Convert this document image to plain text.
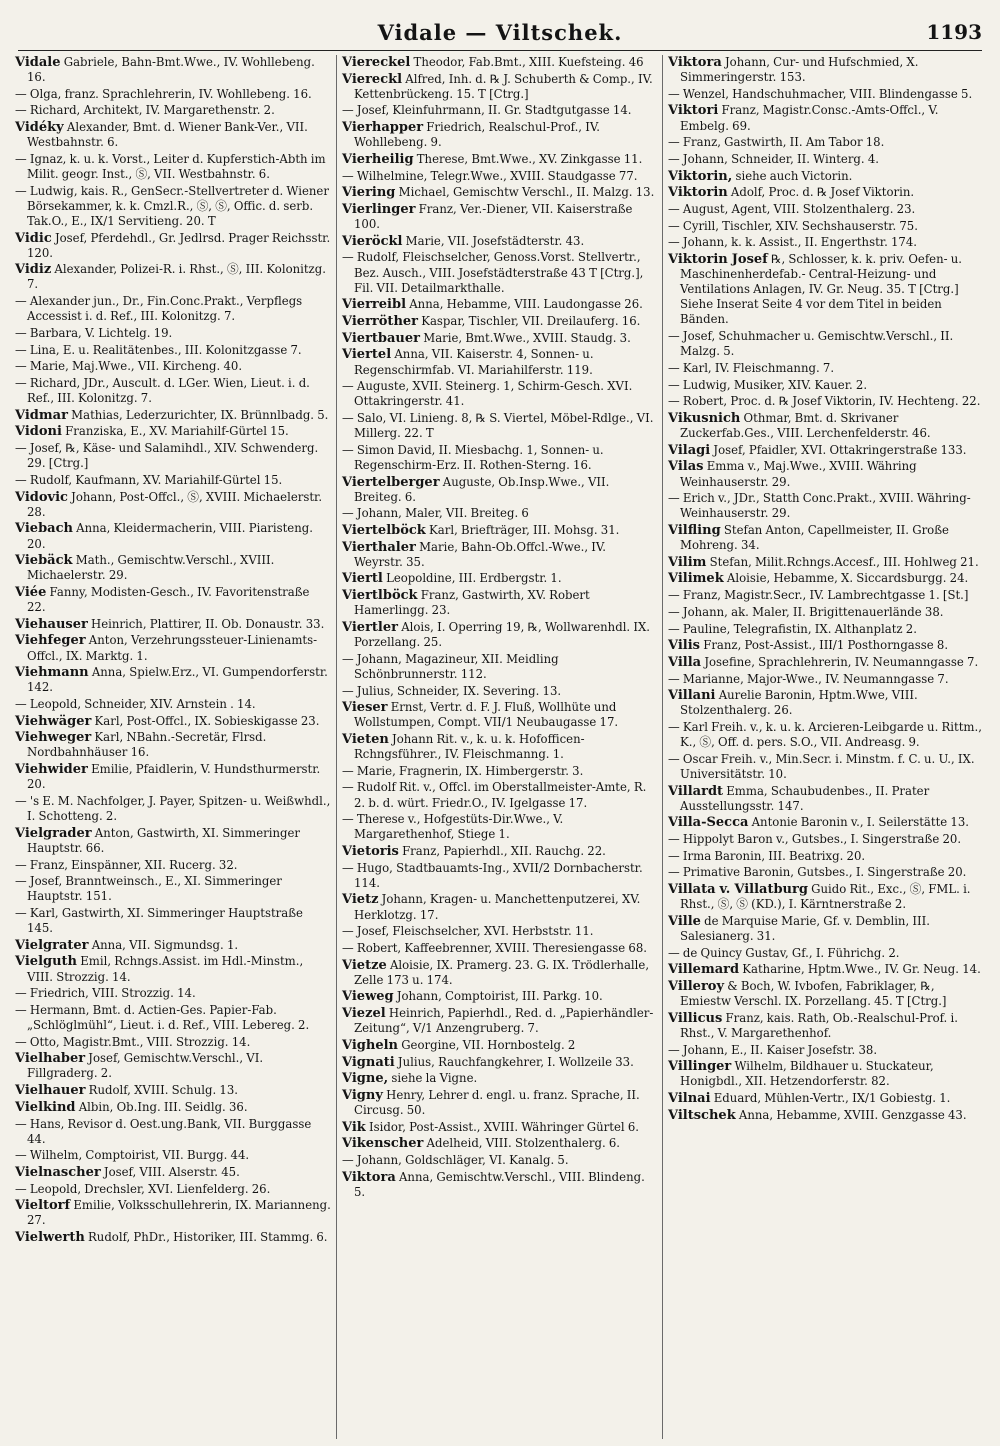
Vidale — Viltschek.	1193
Vidale Gabriele, Bahn-Bmt.Wwe., IV. Wohllebeng. 16.
— Olga, franz. Sprachlehrerin, IV. Wohllebeng. 16.
— Richard, Architekt, IV. Margarethenstr. 2.
Vidéky Alexander, Bmt. d. Wiener Bank-Ver., VII. Westbahnstr. 6.
— Ignaz, k. u. k. Vorst., Leiter d. Kupferstich-Abth im Milit. geogr. Inst., Ⓢ, VII. Westbahnstr. 6.
— Ludwig, kais. R., GenSecr.-Stellvertreter d. Wiener Börsekammer, k. k. Cmzl.R., Ⓢ, Ⓢ, Offic. d. serb. Tak.O., E., IX/1 Servitieng. 20. T
Vidic Josef, Pferdehdl., Gr. Jedlrsd. Prager Reichsstr. 120.
Vidiz Alexander, Polizei-R. i. Rhst., Ⓢ, III. Kolonitzg. 7.
— Alexander jun., Dr., Fin.Conc.Prakt., Verpflegs Accessist i. d. Ref., III. Kolonitzg. 7.
— Barbara, V. Lichtelg. 19.
— Lina, E. u. Realitätenbes., III. Kolonitzgasse 7.
— Marie, Maj.Wwe., VII. Kircheng. 40.
— Richard, JDr., Auscult. d. LGer. Wien, Lieut. i. d. Ref., III. Kolonitzg. 7.
Vidmar Mathias, Lederzurichter, IX. Brünnlbadg. 5.
Vidoni Franziska, E., XV. Mariahilf-Gürtel 15.
— Josef, ℞, Käse- und Salamihdl., XIV. Schwenderg. 29. [Ctrg.]
— Rudolf, Kaufmann, XV. Mariahilf-Gürtel 15.
Vidovic Johann, Post-Offcl., Ⓢ, XVIII. Michaelerstr. 28.
Viebach Anna, Kleidermacherin, VIII. Piaristeng. 20.
Viebäck Math., Gemischtw.Verschl., XVIII. Michaelerstr. 29.
Viée Fanny, Modisten-Gesch., IV. Favoritenstraße 22.
Viehauser Heinrich, Plattirer, II. Ob. Donaustr. 33.
Viehfeger Anton, Verzehrungssteuer-Linienamts-Offcl., IX. Marktg. 1.
Viehmann Anna, Spielw.Erz., VI. Gumpendorferstr. 142.
— Leopold, Schneider, XIV. Arnstein . 14.
Viehwäger Karl, Post-Offcl., IX. Sobieskigasse 23.
Viehweger Karl, NBahn.-Secretär, Flrsd. Nordbahnhäuser 16.
Viehwider Emilie, Pfaidlerin, V. Hundsthurmerstr. 20.
— 's E. M. Nachfolger, J. Payer, Spitzen- u. Weißwhdl., I. Schotteng. 2.
Vielgrader Anton, Gastwirth, XI. Simmeringer Hauptstr. 66.
— Franz, Einspänner, XII. Rucerg. 32.
— Josef, Branntweinsch., E., XI. Simmeringer Hauptstr. 151.
— Karl, Gastwirth, XI. Simmeringer Hauptstraße 145.
Vielgrater Anna, VII. Sigmundsg. 1.
Vielguth Emil, Rchngs.Assist. im Hdl.-Minstm., VIII. Strozzig. 14.
— Friedrich, VIII. Strozzig. 14.
— Hermann, Bmt. d. Actien-Ges. Papier-Fab. „Schlöglmühl“, Lieut. i. d. Ref., VIII. Lebereg. 2.
— Otto, Magistr.Bmt., VIII. Strozzig. 14.
Vielhaber Josef, Gemischtw.Verschl., VI. Fillgraderg. 2.
Vielhauer Rudolf, XVIII. Schulg. 13.
Vielkind Albin, Ob.Ing. III. Seidlg. 36.
— Hans, Revisor d. Oest.ung.Bank, VII. Burggasse 44.
— Wilhelm, Comptoirist, VII. Burgg. 44.
Vielnascher Josef, VIII. Alserstr. 45.
— Leopold, Drechsler, XVI. Lienfelderg. 26.
Vieltorf Emilie, Volksschullehrerin, IX. Marianneng. 27.
Vielwerth Rudolf, PhDr., Historiker, III. Stammg. 6.
Viereckel Theodor, Fab.Bmt., XIII. Kuefsteing. 46
Viereckl Alfred, Inh. d. ℞ J. Schuberth & Comp., IV. Kettenbrückeng. 15. T [Ctrg.]
— Josef, Kleinfuhrmann, II. Gr. Stadtgutgasse 14.
Vierhapper Friedrich, Realschul-Prof., IV. Wohllebeng. 9.
Vierheilig Therese, Bmt.Wwe., XV. Zinkgasse 11.
— Wilhelmine, Telegr.Wwe., XVIII. Staudgasse 77.
Viering Michael, Gemischtw Verschl., II. Malzg. 13.
Vierlinger Franz, Ver.-Diener, VII. Kaiserstraße 100.
Vieröckl Marie, VII. Josefstädterstr. 43.
— Rudolf, Fleischselcher, Genoss.Vorst. Stellvertr., Bez. Ausch., VIII. Josefstädterstraße 43 T [Ctrg.], Fil. VII. Detailmarkthalle.
Vierreibl Anna, Hebamme, VIII. Laudongasse 26.
Vierröther Kaspar, Tischler, VII. Dreilauferg. 16.
Viertbauer Marie, Bmt.Wwe., XVIII. Staudg. 3.
Viertel Anna, VII. Kaiserstr. 4, Sonnen- u. Regenschirmfab. VI. Mariahilferstr. 119.
— Auguste, XVII. Steinerg. 1, Schirm-Gesch. XVI. Ottakringerstr. 41.
— Salo, VI. Linieng. 8, ℞ S. Viertel, Möbel-Rdlge., VI. Millerg. 22. T
— Simon David, II. Miesbachg. 1, Sonnen- u. Regenschirm-Erz. II. Rothen-Sterng. 16.
Viertelberger Auguste, Ob.Insp.Wwe., VII. Breiteg. 6.
— Johann, Maler, VII. Breiteg. 6
Viertelböck Karl, Briefträger, III. Mohsg. 31.
Vierthaler Marie, Bahn-Ob.Offcl.-Wwe., IV. Weyrstr. 35.
Viertl Leopoldine, III. Erdbergstr. 1.
Viertlböck Franz, Gastwirth, XV. Robert Hamerlingg. 23.
Viertler Alois, I. Operring 19, ℞, Wollwarenhdl. IX. Porzellang. 25.
— Johann, Magazineur, XII. Meidling Schönbrunnerstr. 112.
— Julius, Schneider, IX. Severing. 13.
Vieser Ernst, Vertr. d. F. J. Fluß, Wollhüte und Wollstumpen, Compt. VII/1 Neubaugasse 17.
Vieten Johann Rit. v., k. u. k. Hofofficen-Rchngsführer., IV. Fleischmanng. 1.
— Marie, Fragnerin, IX. Himbergerstr. 3.
— Rudolf Rit. v., Offcl. im Oberstallmeister-Amte, R. 2. b. d. würt. Friedr.O., IV. Igelgasse 17.
— Therese v., Hofgestüts-Dir.Wwe., V. Margarethenhof, Stiege 1.
Vietoris Franz, Papierhdl., XII. Rauchg. 22.
— Hugo, Stadtbauamts-Ing., XVII/2 Dornbacherstr. 114.
Vietz Johann, Kragen- u. Manchettenputzerei, XV. Herklotzg. 17.
— Josef, Fleischselcher, XVI. Herbststr. 11.
— Robert, Kaffeebrenner, XVIII. Theresiengasse 68.
Vietze Aloisie, IX. Pramerg. 23. G. IX. Trödlerhalle, Zelle 173 u. 174.
Vieweg Johann, Comptoirist, III. Parkg. 10.
Viezel Heinrich, Papierhdl., Red. d. „Papierhändler-Zeitung“, V/1 Anzengruberg. 7.
Vigheln Georgine, VII. Hornbostelg. 2
Vignati Julius, Rauchfangkehrer, I. Wollzeile 33.
Vigne, siehe la Vigne.
Vigny Henry, Lehrer d. engl. u. franz. Sprache, II. Circusg. 50.
Vik Isidor, Post-Assist., XVIII. Währinger Gürtel 6.
Vikenscher Adelheid, VIII. Stolzenthalerg. 6.
— Johann, Goldschläger, VI. Kanalg. 5.
Viktora Anna, Gemischtw.Verschl., VIII. Blindeng. 5.
Viktora Johann, Cur- und Hufschmied, X. Simmeringerstr. 153.
— Wenzel, Handschuhmacher, VIII. Blindengasse 5.
Viktori Franz, Magistr.Consc.-Amts-Offcl., V. Embelg. 69.
— Franz, Gastwirth, II. Am Tabor 18.
— Johann, Schneider, II. Winterg. 4.
Viktorin, siehe auch Victorin.
Viktorin Adolf, Proc. d. ℞ Josef Viktorin.
— August, Agent, VIII. Stolzenthalerg. 23.
— Cyrill, Tischler, XIV. Sechshauserstr. 75.
— Johann, k. k. Assist., II. Engerthstr. 174.
Viktorin Josef ℞, Schlosser, k. k. priv. Oefen- u. Maschinenherdefab.- Central-Heizung- und Ventilations Anlagen, IV. Gr. Neug. 35. T [Ctrg.] Siehe Inserat Seite 4 vor dem Titel in beiden Bänden.
— Josef, Schuhmacher u. Gemischtw.Verschl., II. Malzg. 5.
— Karl, IV. Fleischmanng. 7.
— Ludwig, Musiker, XIV. Kauer. 2.
— Robert, Proc. d. ℞ Josef Viktorin, IV. Hechteng. 22.
Vikusnich Othmar, Bmt. d. Skrivaner Zuckerfab.Ges., VIII. Lerchenfelderstr. 46.
Vilagi Josef, Pfaidler, XVI. Ottakringerstraße 133.
Vilas Emma v., Maj.Wwe., XVIII. Währing Weinhauserstr. 29.
— Erich v., JDr., Statth Conc.Prakt., XVIII. Währing-Weinhauserstr. 29.
Vilfling Stefan Anton, Capellmeister, II. Große Mohreng. 34.
Vilim Stefan, Milit.Rchngs.Accesf., III. Hohlweg 21.
Vilimek Aloisie, Hebamme, X. Siccardsburgg. 24.
— Franz, Magistr.Secr., IV. Lambrechtgasse 1. [St.]
— Johann, ak. Maler, II. Brigittenauerlände 38.
— Pauline, Telegrafistin, IX. Althanplatz 2.
Vilis Franz, Post-Assist., III/1 Posthorngasse 8.
Villa Josefine, Sprachlehrerin, IV. Neumanngasse 7.
— Marianne, Major-Wwe., IV. Neumanngasse 7.
Villani Aurelie Baronin, Hptm.Wwe, VIII. Stolzenthalerg. 26.
— Karl Freih. v., k. u. k. Arcieren-Leibgarde u. Rittm., K., Ⓢ, Off. d. pers. S.O., VII. Andreasg. 9.
— Oscar Freih. v., Min.Secr. i. Minstm. f. C. u. U., IX. Universitätstr. 10.
Villardt Emma, Schaubudenbes., II. Prater Ausstellungsstr. 147.
Villa-Secca Antonie Baronin v., I. Seilerstätte 13.
— Hippolyt Baron v., Gutsbes., I. Singerstraße 20.
— Irma Baronin, III. Beatrixg. 20.
— Primative Baronin, Gutsbes., I. Singerstraße 20.
Villata v. Villatburg Guido Rit., Exc., Ⓢ, FML. i. Rhst., Ⓢ, Ⓢ (KD.), I. Kärntnerstraße 2.
Ville de Marquise Marie, Gf. v. Demblin, III. Salesianerg. 31.
— de Quincy Gustav, Gf., I. Führichg. 2.
Villemard Katharine, Hptm.Wwe., IV. Gr. Neug. 14.
Villeroy & Boch, W. Ivbofen, Fabriklager, ℞, Emiestw Verschl. IX. Porzellang. 45. T [Ctrg.]
Villicus Franz, kais. Rath, Ob.-Realschul-Prof. i. Rhst., V. Margarethenhof.
— Johann, E., II. Kaiser Josefstr. 38.
Villinger Wilhelm, Bildhauer u. Stuckateur, Honigbdl., XII. Hetzendorferstr. 82.
Vilnai Eduard, Mühlen-Vertr., IX/1 Gobiestg. 1.
Viltschek Anna, Hebamme, XVIII. Genzgasse 43.
